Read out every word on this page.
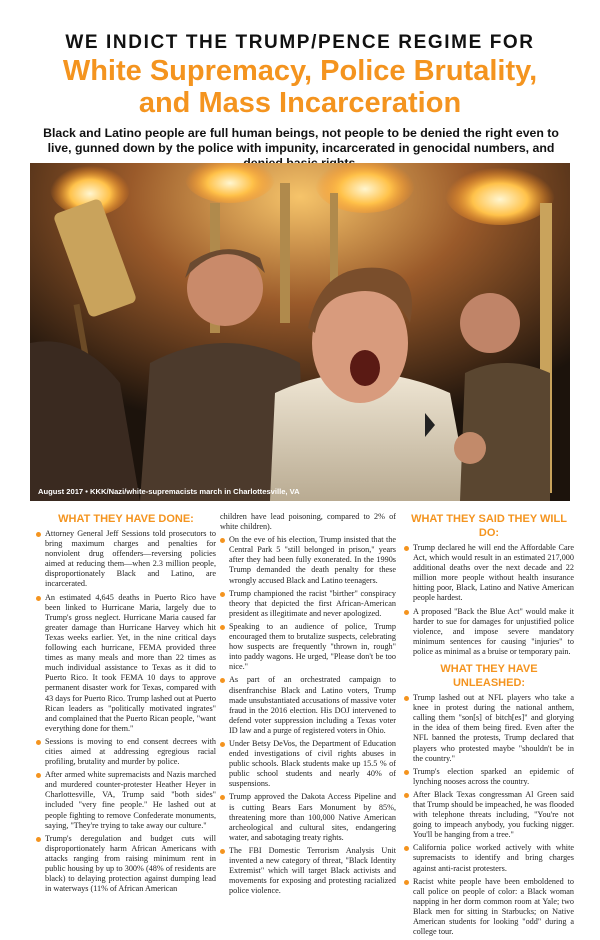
WE INDICT THE TRUMP/PENCE REGIME FOR
White Supremacy, Police Brutality,
and Mass Incarceration
Black and Latino people are full human beings, not people to be denied the right even to live, gunned down by the police with impunity, incarcerated in genocidal numbers, and
August 2017 • KKK/Nazi/white-supremacists march in Charlottesville, VA
WHAT THEY HAVE DONE:
Attorney General Jeff Sessions told prosecutors to bring maximum charges and penalties for nonviolent drug offenders—reversing policies aimed at reducing them—when 2.3 million people, disproportionately Black and Latino, are incarcerated.
An estimated 4,645 deaths in Puerto Rico have been linked to Hurricane Maria, largely due to Trump's gross neglect. Hurricane Maria caused far greater damage than Hurricane Harvey which hit Texas weeks earlier. Yet, in the nine critical days following each hurricane, FEMA provided three times as many meals and more than 22 times as much individual assistance to Texas as it did to Puerto Rico. It took FEMA 10 days to approve permanent disaster work for Texas, compared with 43 days for Puerto Rico. Trump lashed out at Puerto Rican leaders as "politically motivated ingrates" and complained that the Puerto Rican people, "want everything done for them."
Sessions is moving to end consent decrees with cities aimed at addressing egregious racial profiling, brutality and murder by police.
After armed white supremacists and Nazis marched and murdered counter-protester Heather Heyer in Charlottesville, VA, Trump said "both sides" included "very fine people." He lashed out at people fighting to remove Confederate monuments, saying, "They're trying to take away our culture."
Trump's deregulation and budget cuts will disproportionately harm African Americans with attacks ranging from raising minimum rent in public housing by up to 300% (48% of residents are black) to delaying protection against dumping lead in waterways (11% of African American
children have lead poisoning, compared to 2% of white children).
On the eve of his election, Trump insisted that the Central Park 5 "still belonged in prison," years after they had been fully exonerated. In the 1990s Trump demanded the death penalty for these wrongly accused Black and Latino teenagers.
Trump championed the racist "birther" conspiracy theory that depicted the first African-American president as illegitimate and never apologized.
Speaking to an audience of police, Trump encouraged them to brutalize suspects, celebrating how suspects are frequently "thrown in, rough" into paddy wagons. He urged, "Please don't be too nice."
As part of an orchestrated campaign to disenfranchise Black and Latino voters, Trump made unsubstantiated accusations of massive voter fraud in the 2016 election. His DOJ intervened to defend voter suppression including a Texas voter ID law and a purge of registered voters in Ohio.
Under Betsy DeVos, the Department of Education ended investigations of civil rights abuses in public schools. Black students make up 15.5 % of public school students and nearly 40% of suspensions.
Trump approved the Dakota Access Pipeline and is cutting Bears Ears Monument by 85%, threatening more than 100,000 Native American archeological and cultural sites, endangering water, and sabotaging treaty rights.
The FBI Domestic Terrorism Analysis Unit invented a new category of threat, "Black Identity Extremist" which will target Black activists and movements for exposing and protesting racialized police violence.
WHAT THEY SAID THEY WILL DO:
Trump declared he will end the Affordable Care Act, which would result in an estimated 217,000 additional deaths over the next decade and 22 million more people without health insurance hitting poor, Black, Latino and Native American people hardest.
A proposed "Back the Blue Act" would make it harder to sue for damages for unjustified police violence, and impose severe mandatory minimum sentences for causing "injuries" to police as minimal as a bruise or temporary pain.
WHAT THEY HAVE UNLEASHED:
Trump lashed out at NFL players who take a knee in protest during the national anthem, calling them "son[s] of bitch[es]" and glorying in the idea of them being fired. Even after the NFL banned the protests, Trump declared that players who protested maybe "shouldn't be in the country."
Trump's election sparked an epidemic of lynching nooses across the country.
After Black Texas congressman Al Green said that Trump should be impeached, he was flooded with telephone threats including, "You're not going to impeach anybody, you fucking nigger. You'll be hanging from a tree."
California police worked actively with white supremacists to identify and bring charges against anti-racist protesters.
Racist white people have been emboldened to call police on people of color: a Black woman napping in her dorm common room at Yale; two Black men for sitting in Starbucks; on Native American students for looking "odd" during a college tour.
